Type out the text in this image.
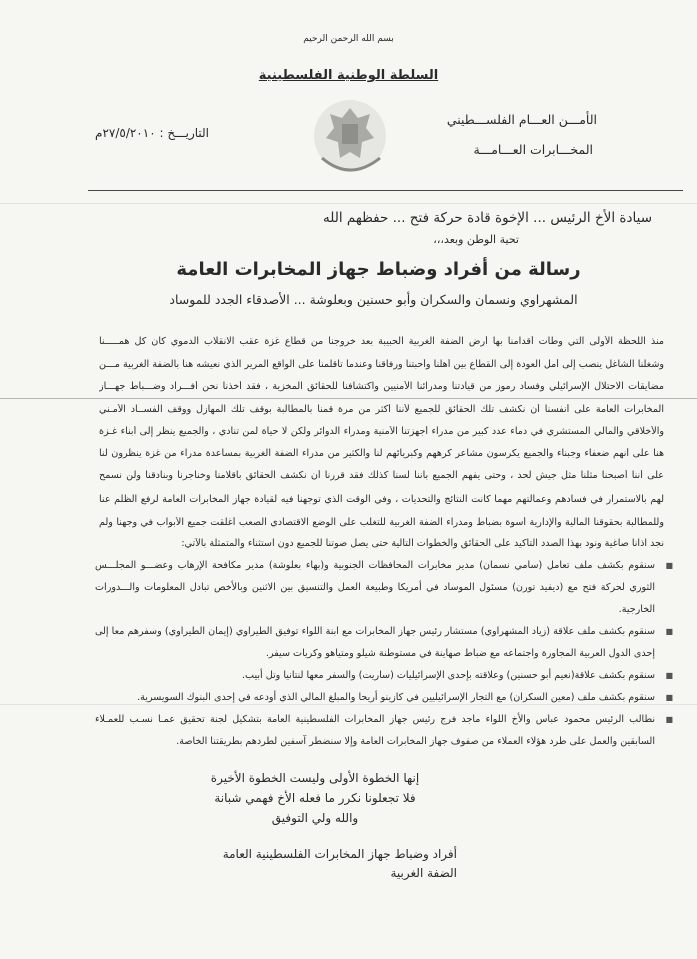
بسم الله الرحمن الرحيم
السلطة الوطنية الفلسطينية
الأمـــن العـــام الفلســـطيني
المخـــابرات العـــامـــة
التاريـــخ : ٢٧/٥/٢٠١٠م
سيادة الأخ الرئيس ... الإخوة قادة حركة فتح ... حفظهم الله
تحية الوطن وبعد،،،
رسالة من أفراد وضباط جهاز المخابرات العامة
المشهراوي ونسمان والسكران وأبو حسنين وبعلوشة ... الأصدقاء الجدد للموساد
منذ اللحظة الأولى التي وطأت أقدامنا بها أرض الضفة الغربية الحبيبة بعد خروجنا من قطاع غزة عقب الانقلاب الدموي كان كل همـــــنا
وشغلنا الشاغل ينصب إلى أمل العودة إلى القطاع بين أهلنا وأحبتنا ورفاقنا وعندما تأقلمنا على الواقع المرير الذي نعيشه هنا بالضفة الغربية مـــن
مضايقات الاحتلال الإسرائيلي وفساد رموز من قيادتنا ومدرائنا الأمنيين واكتشافنا للحقائق المخزية ، فقد أخذنا نحن أفـــراد وضـــباط جهـــاز
المخابرات العامة على أنفسنا أن نكشف تلك الحقائق للجميع لأننا أكثر من مرة قمنا بالمطالبة بوقف تلك المهازل ووقف الفســاد الأمـني
والأخلاقي والمالي المستشري في دماء عدد كبير من مدراء أجهزتنا الأمنية ومدراء الدوائر ولكن لا حياة لمن تنادي ، والجميع ينظر إلى أبناء غـزة
هنا على أنهم ضعفاء وجبناء والجميع يكرسون مشاعر كرههم وكبريائهم لنا والكثير من مدراء الضفة الغربية بمساعدة مدراء من غزة ينظرون لنا
على أننا أصبحنا مثلنا مثل جيش لحد ، وحتى يفهم الجميع بأننا لسنا كذلك فقد قررنا أن نكشف الحقائق بأقلامنا وخناجرنا وبنادقنا ولن نسمح
لهم بالاستمرار في فسادهم وعمالتهم مهما كانت النتائج والتحديات ، وفي الوقت الذي توجهنا فيه لقيادة جهاز المخابرات العامة لرفع الظلم عنا
وللمطالبة بحقوقنا المالية والإدارية أسوة بضباط ومدراء الضفة الغربية للتغلب على الوضع الاقتصادي الصعب أغلقت جميع الأبواب في وجهنا ولم
نجد آذانا صاغية ونود بهذا الصدد التأكيد على الحقائق والخطوات التالية حتى يصل صوتنا للجميع دون استثناء والمتمثلة بالآتي:
■
سنقوم بكشف ملف تعامل (سامي نسمان) مدير مخابرات المحافظات الجنوبية و(بهاء بعلوشة) مدير مكافحة الإرهاب وعضـــو المجلـــس الثوري لحركة فتح مع (ديفيد تورن) مسئول الموساد في أمريكا وطبيعة العمل والتنسيق بين الاثنين وبالأخص تبادل المعلومات والـــدورات الخارجية.
■
سنقوم بكشف ملف علاقة (زياد المشهراوي) مستشار رئيس جهاز المخابرات مع ابنة اللواء توفيق الطيراوي (إيمان الطيراوي) وسفرهم معا إلى إحدى الدول العربية المجاورة واجتماعه مع ضباط صهاينة في مستوطنة شيلو ومتياهو وكريات سيفر.
■
سنقوم بكشف علاقة(نعيم أبو حسنين) وعلاقته بإحدى الإسرائيليات (ساريت) والسفر معها لنتانيا وتل أبيب.
■
سنقوم بكشف ملف (معين السكران) مع التجار الإسرائيليين في كازينو أريحا والمبلغ المالي الذي أودعه في إحدى البنوك السويسرية.
■
نطالب الرئيس محمود عباس والأخ اللواء ماجد فرج رئيس جهاز المخابرات الفلسطينية العامة بتشكيل لجنة تحقيق عمـا نسـب للعمـلاء السابقين والعمل على طرد هؤلاء العملاء من صفوف جهاز المخابرات العامة وإلا سنضطر آسفين لطردهم بطريقتنا الخاصة.
إنها الخطوة الأولى وليست الخطوة الأخيرة
فلا تجعلونا نكرر ما فعله الأخ فهمي شبانة
والله ولي التوفيق
أفراد وضباط جهاز المخابرات الفلسطينية العامة
الضفة الغربية
